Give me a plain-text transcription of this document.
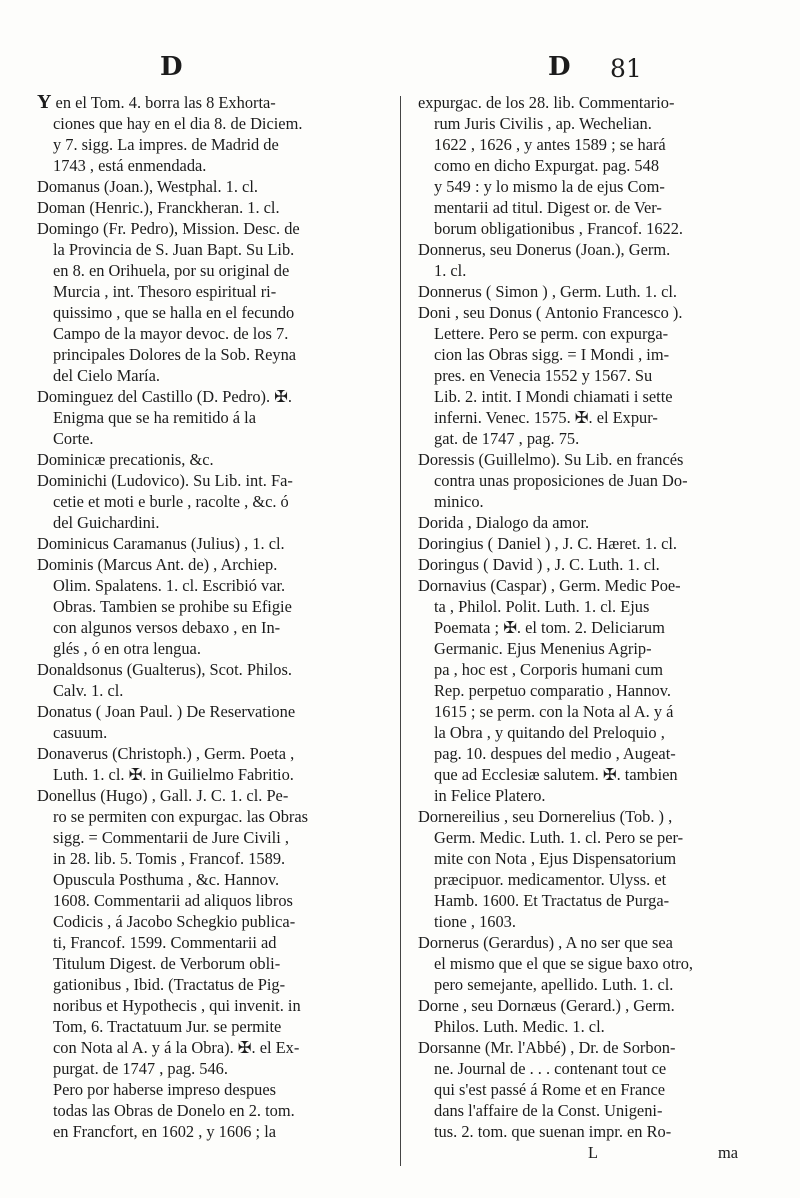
D	D 81
Y en el Tom. 4. borra las 8 Exhorta-
ciones que hay en el dia 8. de Diciem.
y 7. sigg. La impres. de Madrid de
1743 , está enmendada.
Domanus (Joan.), Westphal. 1. cl.
Doman (Henric.), Franckheran. 1. cl.
Domingo (Fr. Pedro), Mission. Desc. de
la Provincia de S. Juan Bapt. Su Lib.
en 8. en Orihuela, por su original de
Murcia , int. Thesoro espiritual ri-
quissimo , que se halla en el fecundo
Campo de la mayor devoc. de los 7.
principales Dolores de la Sob. Reyna
del Cielo María.
Dominguez del Castillo (D. Pedro). ✠.
Enigma que se ha remitido á la
Corte.
Dominicæ precationis, &c.
Dominichi (Ludovico). Su Lib. int. Fa-
cetie et moti e burle , racolte , &c. ó
del Guichardini.
Dominicus Caramanus (Julius) , 1. cl.
Dominis (Marcus Ant. de) , Archiep.
Olim. Spalatens. 1. cl. Escribió var.
Obras. Tambien se prohibe su Efigie
con algunos versos debaxo , en In-
glés , ó en otra lengua.
Donaldsonus (Gualterus), Scot. Philos.
Calv. 1. cl.
Donatus ( Joan Paul. ) De Reservatione
casuum.
Donaverus (Christoph.) , Germ. Poeta ,
Luth. 1. cl. ✠. in Guilielmo Fabritio.
Donellus (Hugo) , Gall. J. C. 1. cl. Pe-
ro se permiten con expurgac. las Obras
sigg. = Commentarii de Jure Civili ,
in 28. lib. 5. Tomis , Francof. 1589.
Opuscula Posthuma , &c. Hannov.
1608. Commentarii ad aliquos libros
Codicis , á Jacobo Schegkio publica-
ti, Francof. 1599. Commentarii ad
Titulum Digest. de Verborum obli-
gationibus , Ibid. (Tractatus de Pig-
noribus et Hypothecis , qui invenit. in
Tom, 6. Tractatuum Jur. se permite
con Nota al A. y á la Obra). ✠. el Ex-
purgat. de 1747 , pag. 546.
Pero por haberse impreso despues
todas las Obras de Donelo en 2. tom.
en Francfort, en 1602 , y 1606 ; la
expurgac. de los 28. lib. Commentario-
rum Juris Civilis , ap. Wechelian.
1622 , 1626 , y antes 1589 ; se hará
como en dicho Expurgat. pag. 548
y 549 : y lo mismo la de ejus Com-
mentarii ad titul. Digest or. de Ver-
borum obligationibus , Francof. 1622.
Donnerus, seu Donerus (Joan.), Germ.
1. cl.
Donnerus ( Simon ) , Germ. Luth. 1. cl.
Doni , seu Donus ( Antonio Francesco ).
Lettere. Pero se perm. con expurga-
cion las Obras sigg. = I Mondi , im-
pres. en Venecia 1552 y 1567. Su
Lib. 2. intit. I Mondi chiamati i sette
inferni. Venec. 1575. ✠. el Expur-
gat. de 1747 , pag. 75.
Doressis (Guillelmo). Su Lib. en francés
contra unas proposiciones de Juan Do-
minico.
Dorida , Dialogo da amor.
Doringius ( Daniel ) , J. C. Hæret. 1. cl.
Doringus ( David ) , J. C. Luth. 1. cl.
Dornavius (Caspar) , Germ. Medic Poe-
ta , Philol. Polit. Luth. 1. cl. Ejus
Poemata ; ✠. el tom. 2. Deliciarum
Germanic. Ejus Menenius Agrip-
pa , hoc est , Corporis humani cum
Rep. perpetuo comparatio , Hannov.
1615 ; se perm. con la Nota al A. y á
la Obra , y quitando del Preloquio ,
pag. 10. despues del medio , Augeat-
que ad Ecclesiæ salutem. ✠. tambien
in Felice Platero.
Dornereilius , seu Dornerelius (Tob. ) ,
Germ. Medic. Luth. 1. cl. Pero se per-
mite con Nota , Ejus Dispensatorium
præcipuor. medicamentor. Ulyss. et
Hamb. 1600. Et Tractatus de Purga-
tione , 1603.
Dornerus (Gerardus) , A no ser que sea
el mismo que el que se sigue baxo otro,
pero semejante, apellido. Luth. 1. cl.
Dorne , seu Dornæus (Gerard.) , Germ.
Philos. Luth. Medic. 1. cl.
Dorsanne (Mr. l'Abbé) , Dr. de Sorbon-
ne. Journal de . . . contenant tout ce
qui s'est passé á Rome et en France
dans l'affaire de la Const. Unigeni-
tus. 2. tom. que suenan impr. en Ro-
L	ma
